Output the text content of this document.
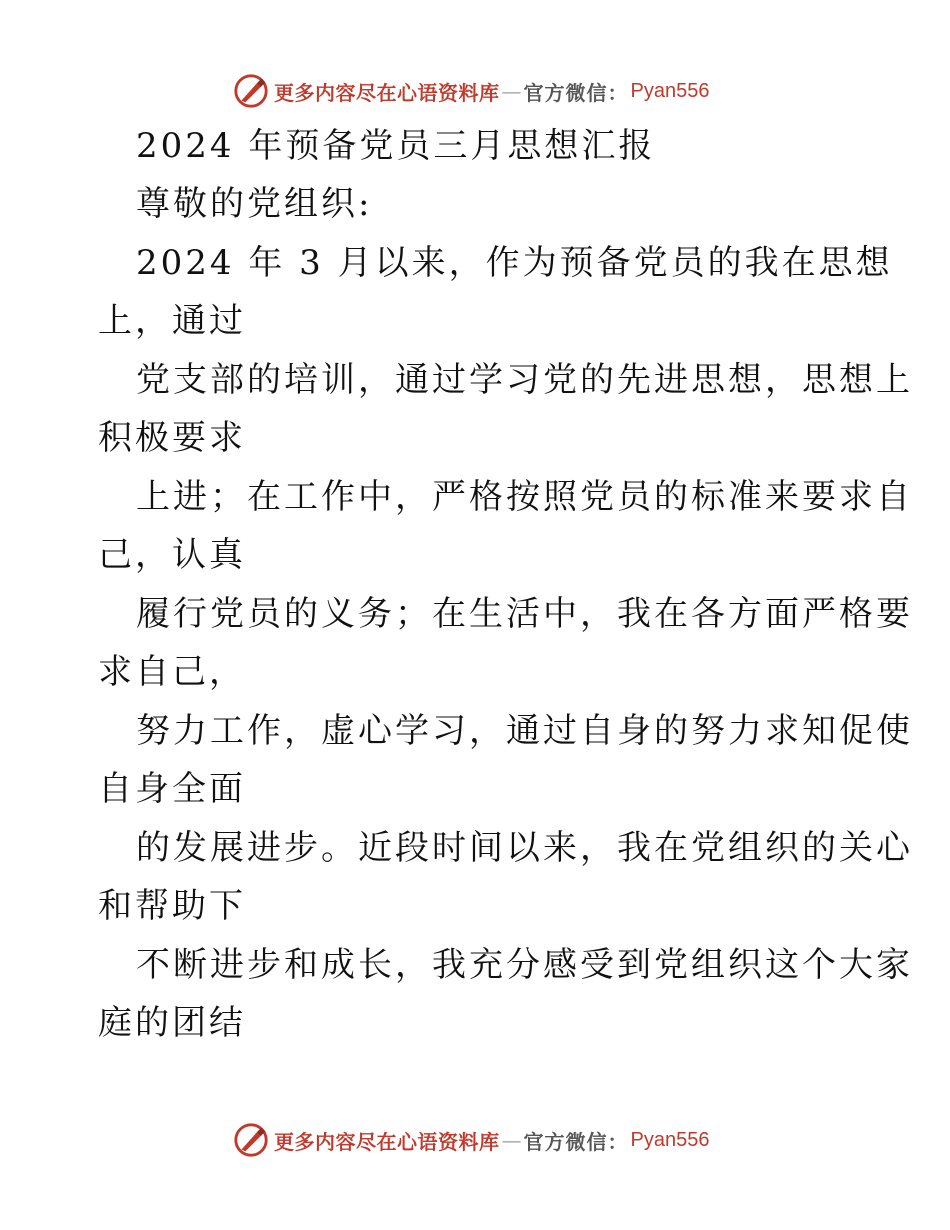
更多内容尽在心语资料库 — 官方微信： Pyan556
2024 年预备党员三月思想汇报
尊敬的党组织:
2024 年 3 月以来，作为预备党员的我在思想
上，通过
党支部的培训，通过学习党的先进思想，思想上
积极要求
上进；在工作中，严格按照党员的标准来要求自
己，认真
履行党员的义务；在生活中，我在各方面严格要
求自己，
努力工作，虚心学习，通过自身的努力求知促使
自身全面
的发展进步。近段时间以来，我在党组织的关心
和帮助下
不断进步和成长，我充分感受到党组织这个大家
庭的团结
更多内容尽在心语资料库 — 官方微信： Pyan556
